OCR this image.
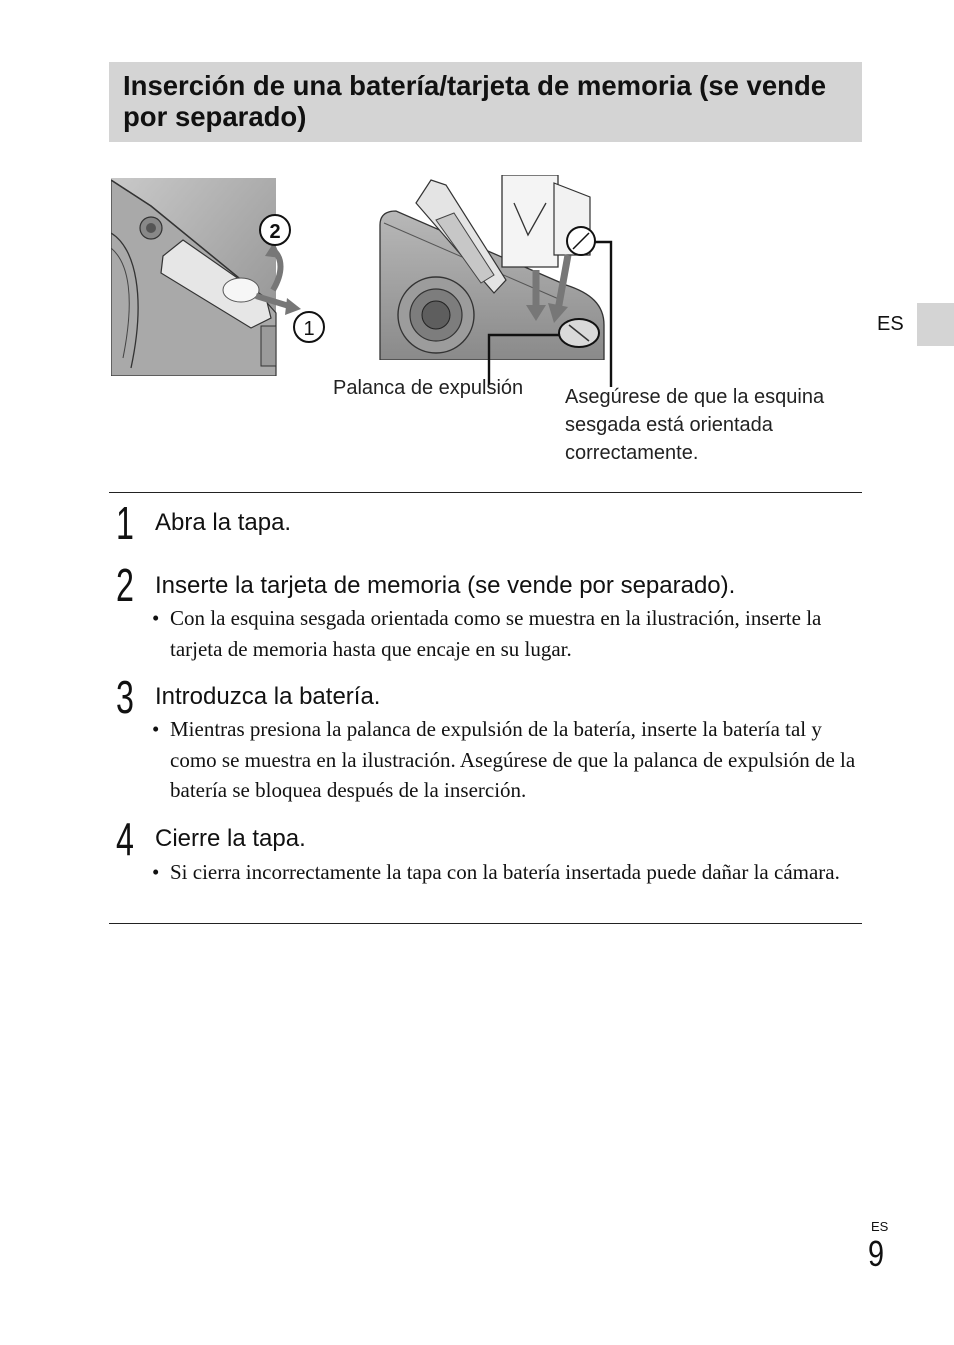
Inserción de una batería/tarjeta de memoria (se vende por separado)
ES
2
1
Palanca de expulsión Asegúrese de que la esquina
sesgada está orientada
correctamente.
1 Abra la tapa.
2 Inserte la tarjeta de memoria (se vende por separado).
• Con la esquina sesgada orientada como se muestra en la ilustración, inserte la tarjeta de memoria hasta que encaje en su lugar.
3 Introduzca la batería.
• Mientras presiona la palanca de expulsión de la batería, inserte la batería tal y como se muestra en la ilustración. Asegúrese de que la palanca de expulsión de la batería se bloquea después de la inserción.
4 Cierre la tapa.
• Si cierra incorrectamente la tapa con la batería insertada puede dañar la cámara.
ES
9
